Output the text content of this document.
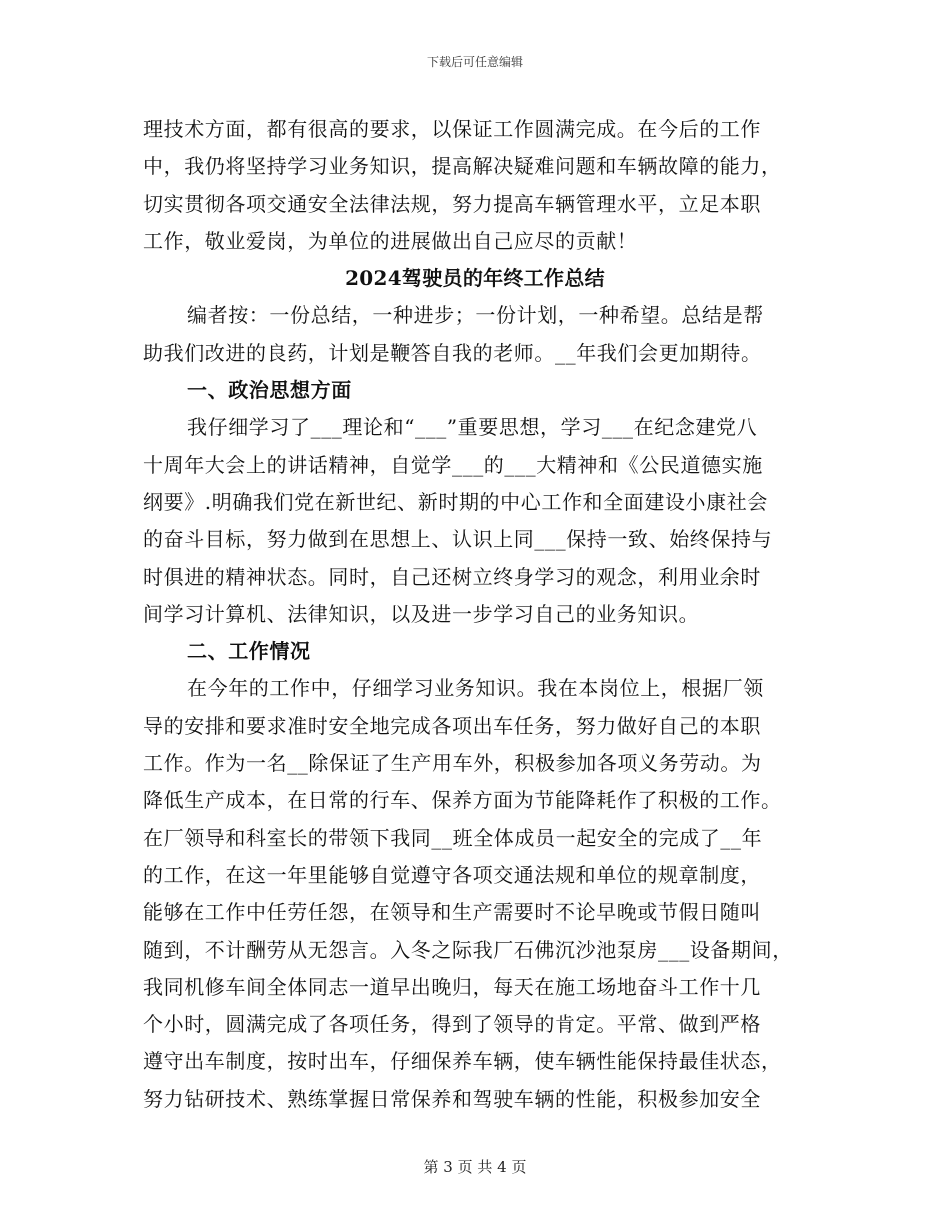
下载后可任意编辑
理技术方面，都有很高的要求，以保证工作圆满完成。在今后的工作
中，我仍将坚持学习业务知识，提高解决疑难问题和车辆故障的能力，
切实贯彻各项交通安全法律法规，努力提高车辆管理水平，立足本职
工作，敬业爱岗，为单位的进展做出自己应尽的贡献！
2024驾驶员的年终工作总结
编者按：一份总结，一种进步；一份计划，一种希望。总结是帮
助我们改进的良药，计划是鞭答自我的老师。__年我们会更加期待。
一、政治思想方面
我仔细学习了___理论和“___”重要思想，学习___在纪念建党八
十周年大会上的讲话精神，自觉学___的___大精神和《公民道德实施
纲要》.明确我们党在新世纪、新时期的中心工作和全面建设小康社会
的奋斗目标，努力做到在思想上、认识上同___保持一致、始终保持与
时俱进的精神状态。同时，自己还树立终身学习的观念，利用业余时
间学习计算机、法律知识，以及进一步学习自己的业务知识。
二、工作情况
在今年的工作中，仔细学习业务知识。我在本岗位上，根据厂领
导的安排和要求准时安全地完成各项出车任务，努力做好自己的本职
工作。作为一名__除保证了生产用车外，积极参加各项义务劳动。为
降低生产成本，在日常的行车、保养方面为节能降耗作了积极的工作。
在厂领导和科室长的带领下我同__班全体成员一起安全的完成了__年
的工作，在这一年里能够自觉遵守各项交通法规和单位的规章制度，
能够在工作中任劳任怨，在领导和生产需要时不论早晚或节假日随叫
随到，不计酬劳从无怨言。入冬之际我厂石佛沉沙池泵房___设备期间，
我同机修车间全体同志一道早出晚归，每天在施工场地奋斗工作十几
个小时，圆满完成了各项任务，得到了领导的肯定。平常、做到严格
遵守出车制度，按时出车，仔细保养车辆，使车辆性能保持最佳状态，
努力钻研技术、熟练掌握日常保养和驾驶车辆的性能，积极参加安全
第 3 页 共 4 页
